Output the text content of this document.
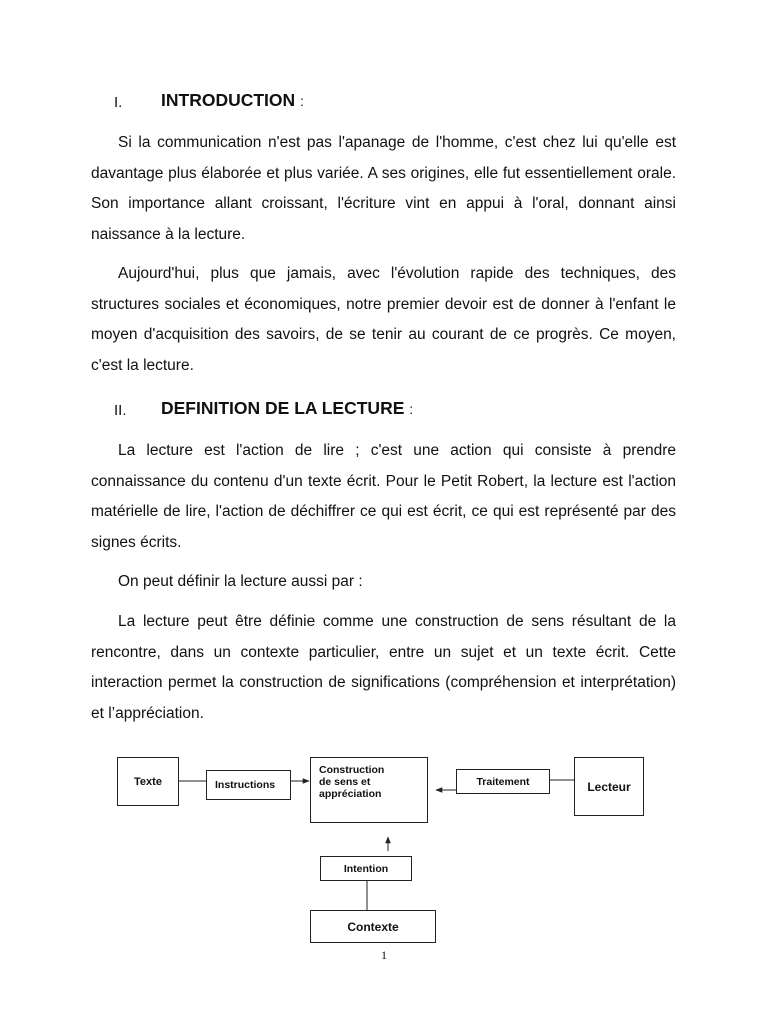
I. INTRODUCTION :

Si la communication n'est pas l'apanage de l'homme, c'est chez lui qu'elle est davantage plus élaborée et plus variée. A ses origines, elle fut essentiellement orale. Son importance allant croissant, l'écriture vint en appui à l'oral, donnant ainsi naissance à la lecture.

Aujourd'hui, plus que jamais, avec l'évolution rapide des techniques, des structures sociales et économiques, notre premier devoir est de donner à l'enfant le moyen d'acquisition des savoirs, de se tenir au courant de ce progrès. Ce moyen, c'est la lecture.

II. DEFINITION DE LA LECTURE :

La lecture est l'action de lire ; c'est une action qui consiste à prendre connaissance du contenu d'un texte écrit. Pour le Petit Robert, la lecture est l'action matérielle de lire, l'action de déchiffrer ce qui est écrit, ce qui est représenté par des signes écrits.

On peut définir la lecture aussi par :

La lecture peut être définie comme une construction de sens résultant de la rencontre, dans un contexte particulier, entre un sujet et un texte écrit. Cette interaction permet la construction de significations (compréhension et interprétation) et l’appréciation.

Texte	Instructions
Construction
de sens et
appréciation
Traitement	Lecteur
Intention
Contexte
1
